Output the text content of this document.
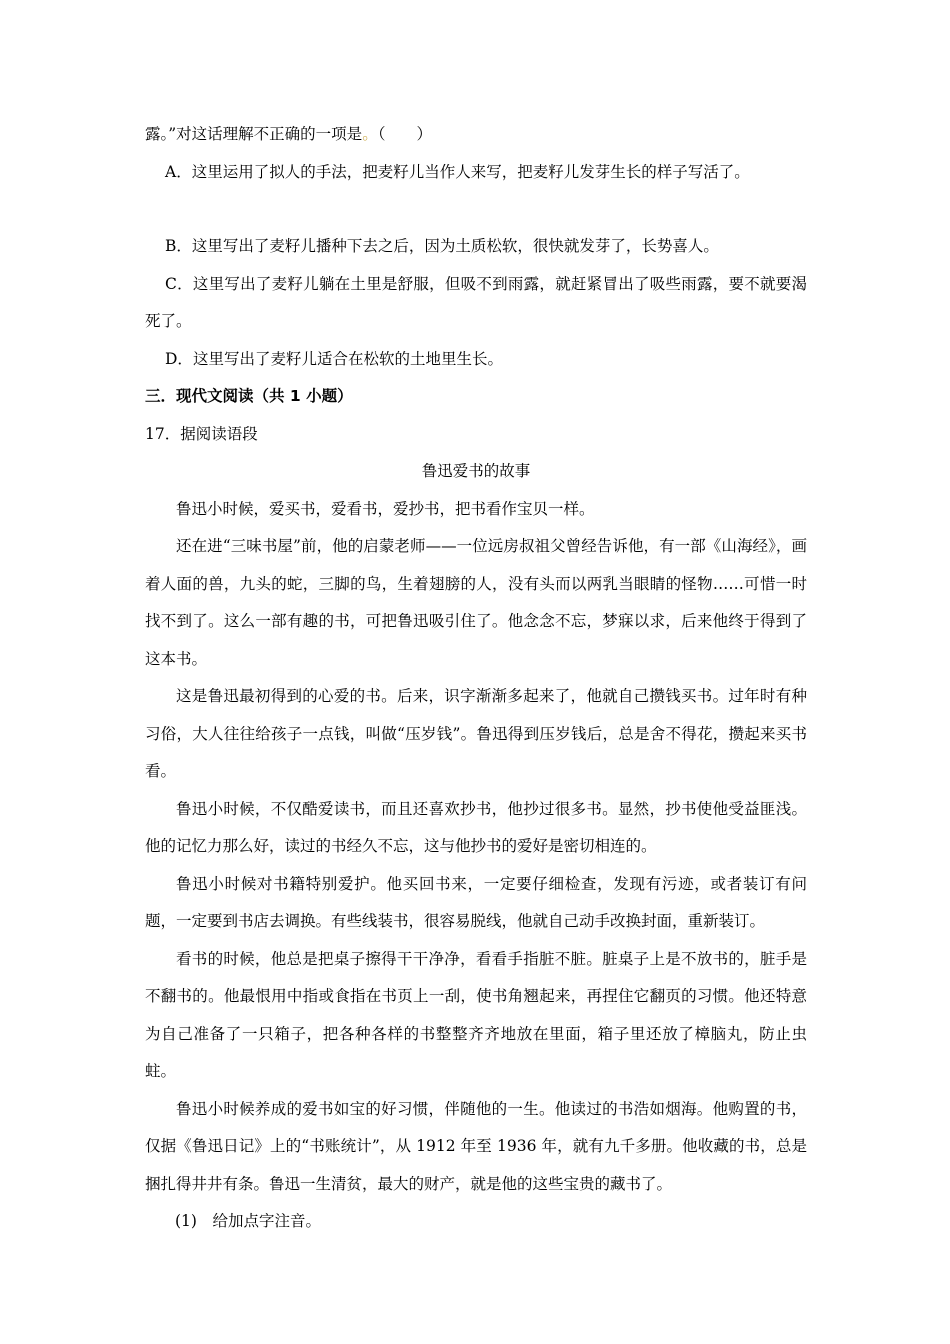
露。”对这话理解不正确的一项是。（　　）

A．这里运用了拟人的手法，把麦籽儿当作人来写，把麦籽儿发芽生长的样子写活了。

B．这里写出了麦籽儿播种下去之后，因为土质松软，很快就发芽了，长势喜人。

C．这里写出了麦籽儿躺在土里是舒服，但吸不到雨露，就赶紧冒出了吸些雨露，要不就要渴死了。

D．这里写出了麦籽儿适合在松软的土地里生长。

三．现代文阅读（共 1 小题）

17．据阅读语段

鲁迅爱书的故事

鲁迅小时候，爱买书，爱看书，爱抄书，把书看作宝贝一样。

还在进“三味书屋”前，他的启蒙老师——一位远房叔祖父曾经告诉他，有一部《山海经》，画着人面的兽，九头的蛇，三脚的鸟，生着翅膀的人，没有头而以两乳当眼睛的怪物……可惜一时找不到了。这么一部有趣的书，可把鲁迅吸引住了。他念念不忘，梦寐以求，后来他终于得到了这本书。

这是鲁迅最初得到的心爱的书。后来，识字渐渐多起来了，他就自己攒钱买书。过年时有种习俗，大人往往给孩子一点钱，叫做“压岁钱”。鲁迅得到压岁钱后，总是舍不得花，攒起来买书看。

鲁迅小时候，不仅酷爱读书，而且还喜欢抄书，他抄过很多书。显然，抄书使他受益匪浅。他的记忆力那么好，读过的书经久不忘，这与他抄书的爱好是密切相连的。

鲁迅小时候对书籍特别爱护。他买回书来，一定要仔细检查，发现有污迹，或者装订有问题，一定要到书店去调换。有些线装书，很容易脱线，他就自己动手改换封面，重新装订。

看书的时候，他总是把桌子擦得干干净净，看看手指脏不脏。脏桌子上是不放书的，脏手是不翻书的。他最恨用中指或食指在书页上一刮，使书角翘起来，再捏住它翻页的习惯。他还特意为自己准备了一只箱子，把各种各样的书整整齐齐地放在里面，箱子里还放了樟脑丸，防止虫蛀。

鲁迅小时候养成的爱书如宝的好习惯，伴随他的一生。他读过的书浩如烟海。他购置的书，仅据《鲁迅日记》上的“书账统计”，从 1912 年至 1936 年，就有九千多册。他收藏的书，总是捆扎得井井有条。鲁迅一生清贫，最大的财产，就是他的这些宝贵的藏书了。

(1)　给加点字注音。
